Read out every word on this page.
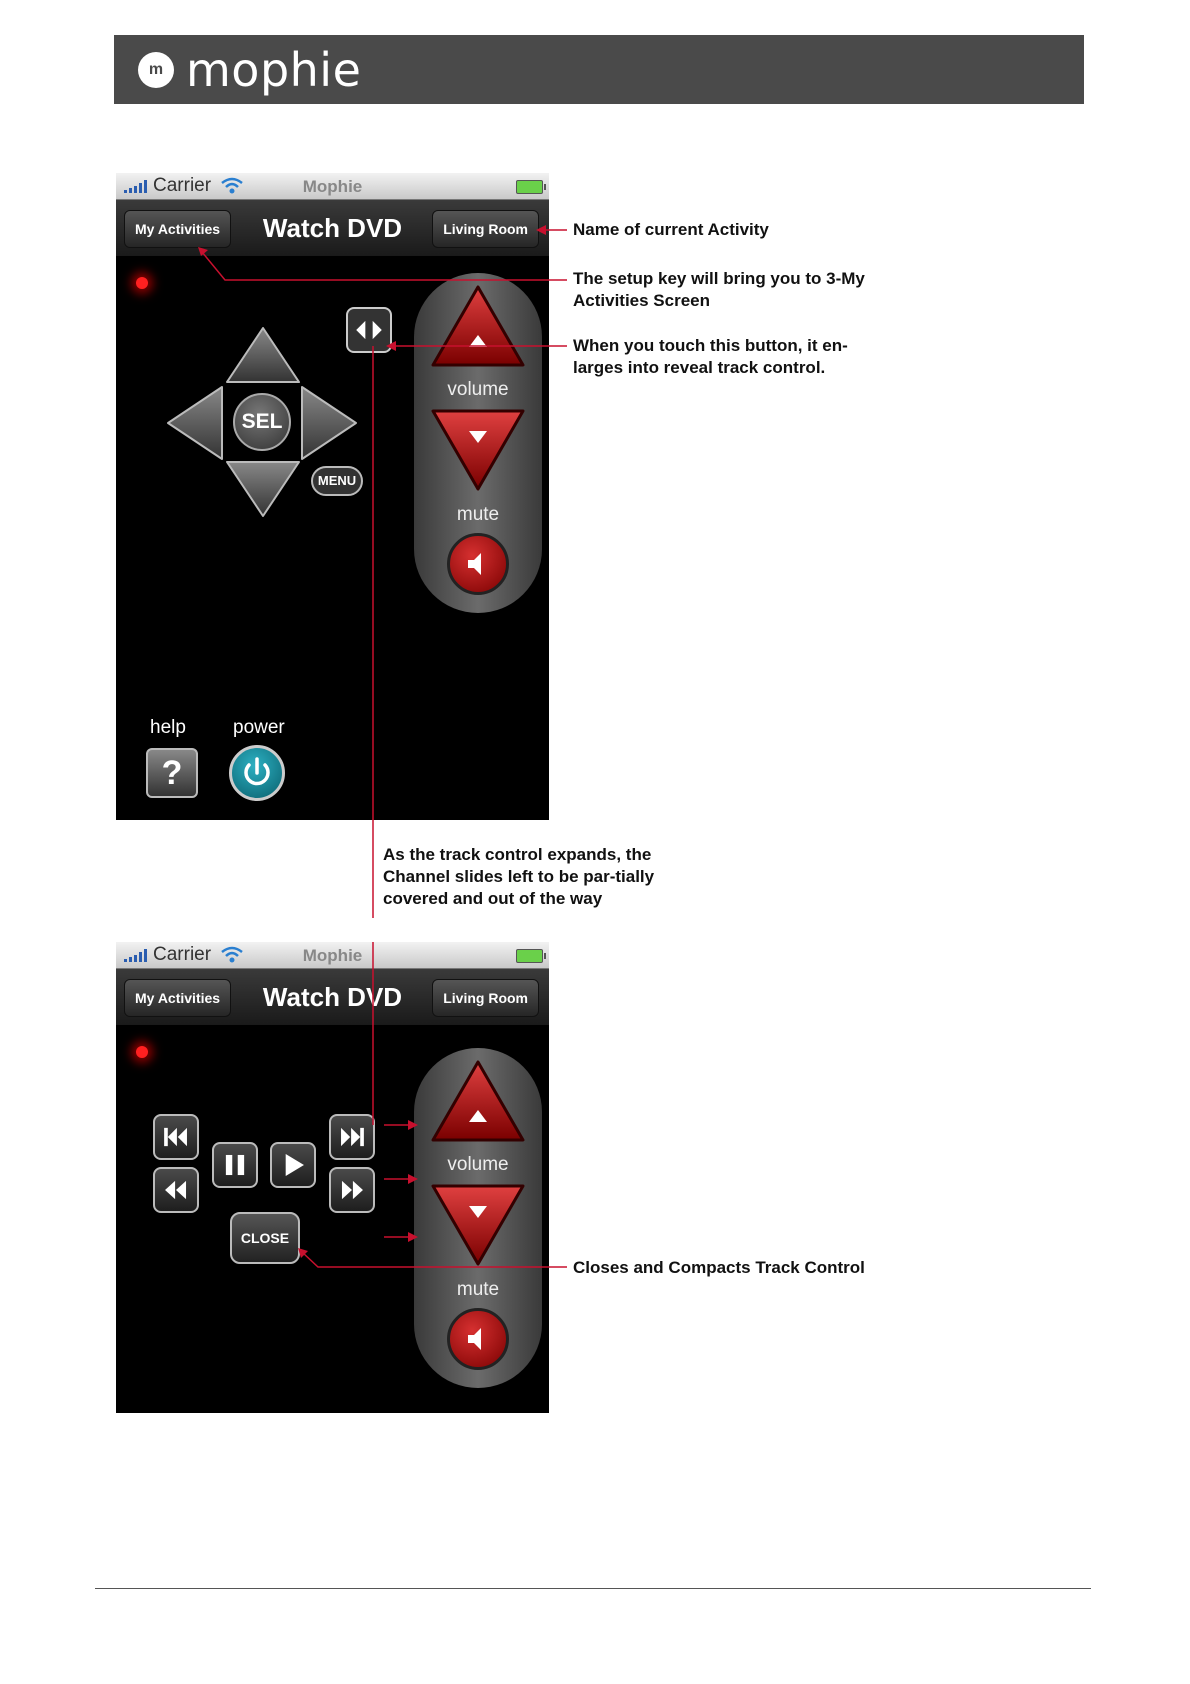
m mophie
Carrier	Mophie
My Activities	Watch DVD	Living Room
SEL
MENU
volume
mute
help power
?
Carrier	Mophie
My Activities	Watch DVD	Living Room
CLOSE
volume
mute
Name of current Activity
The setup key will bring you to 3-My Activities Screen
When you touch this button, it en-larges into reveal track control.
As the track control expands, the Channel slides left to be par-tially covered and out of the way
Closes and Compacts Track Control
